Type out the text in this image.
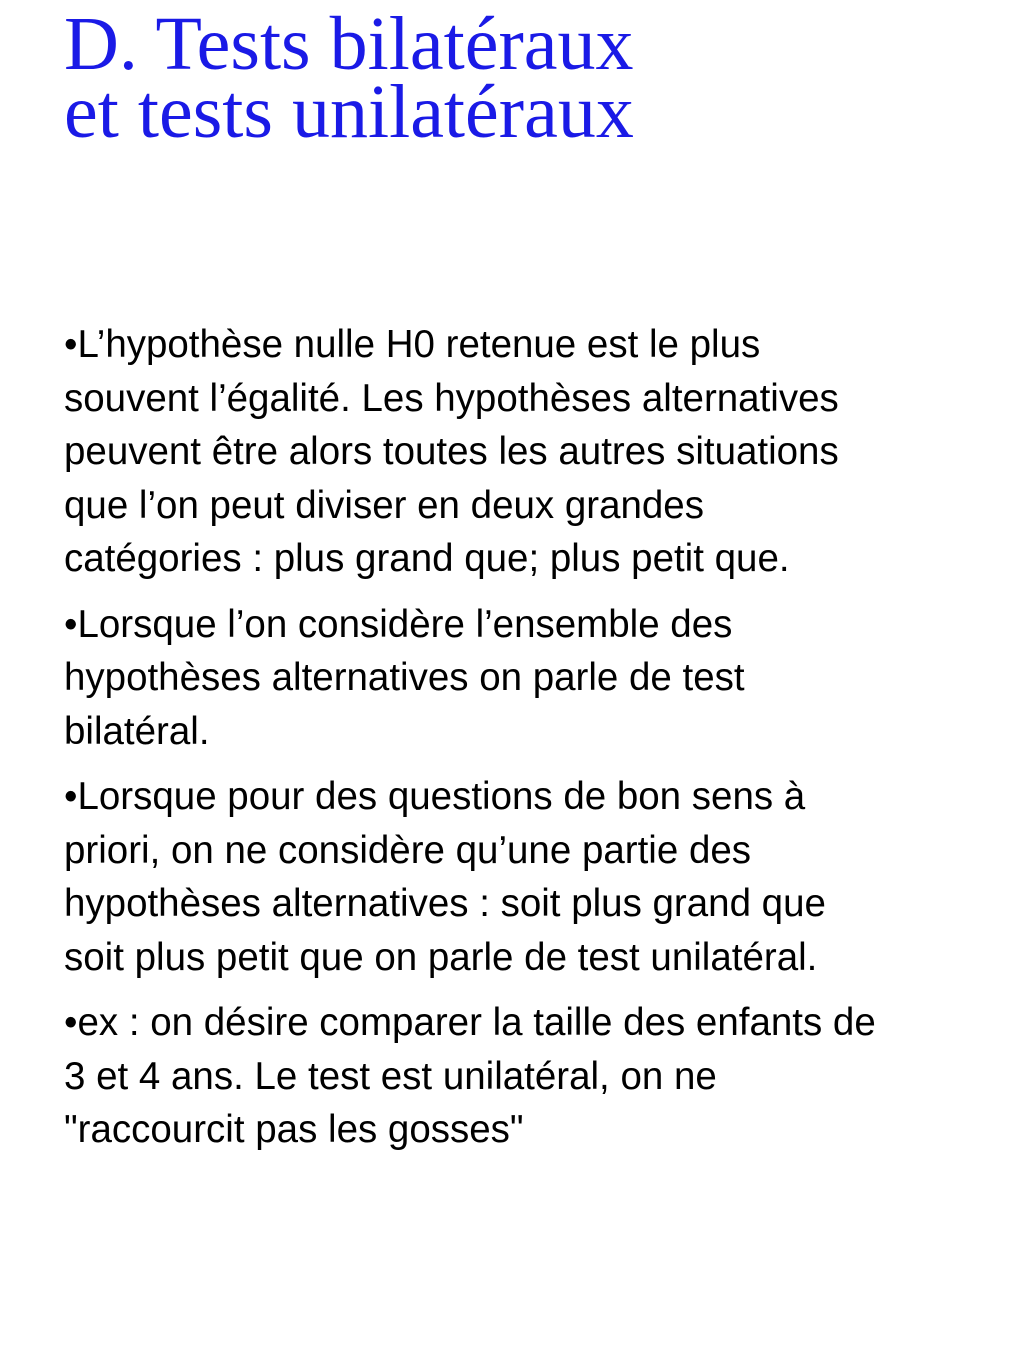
D. Tests bilatéraux
et tests unilatéraux
•L’hypothèse nulle H0 retenue est le plus
souvent l’égalité. Les hypothèses alternatives
peuvent être alors toutes les autres situations
que l’on peut diviser en deux grandes
catégories : plus grand que; plus petit que.
•Lorsque l’on considère l’ensemble des
hypothèses alternatives on parle de test
bilatéral.
•Lorsque pour des questions de bon sens à
priori, on ne considère qu’une partie des
hypothèses alternatives : soit plus grand que
soit plus petit que on parle de test unilatéral.
•ex : on désire comparer la taille des enfants de
3 et 4 ans. Le test est unilatéral, on ne
"raccourcit pas les gosses"
